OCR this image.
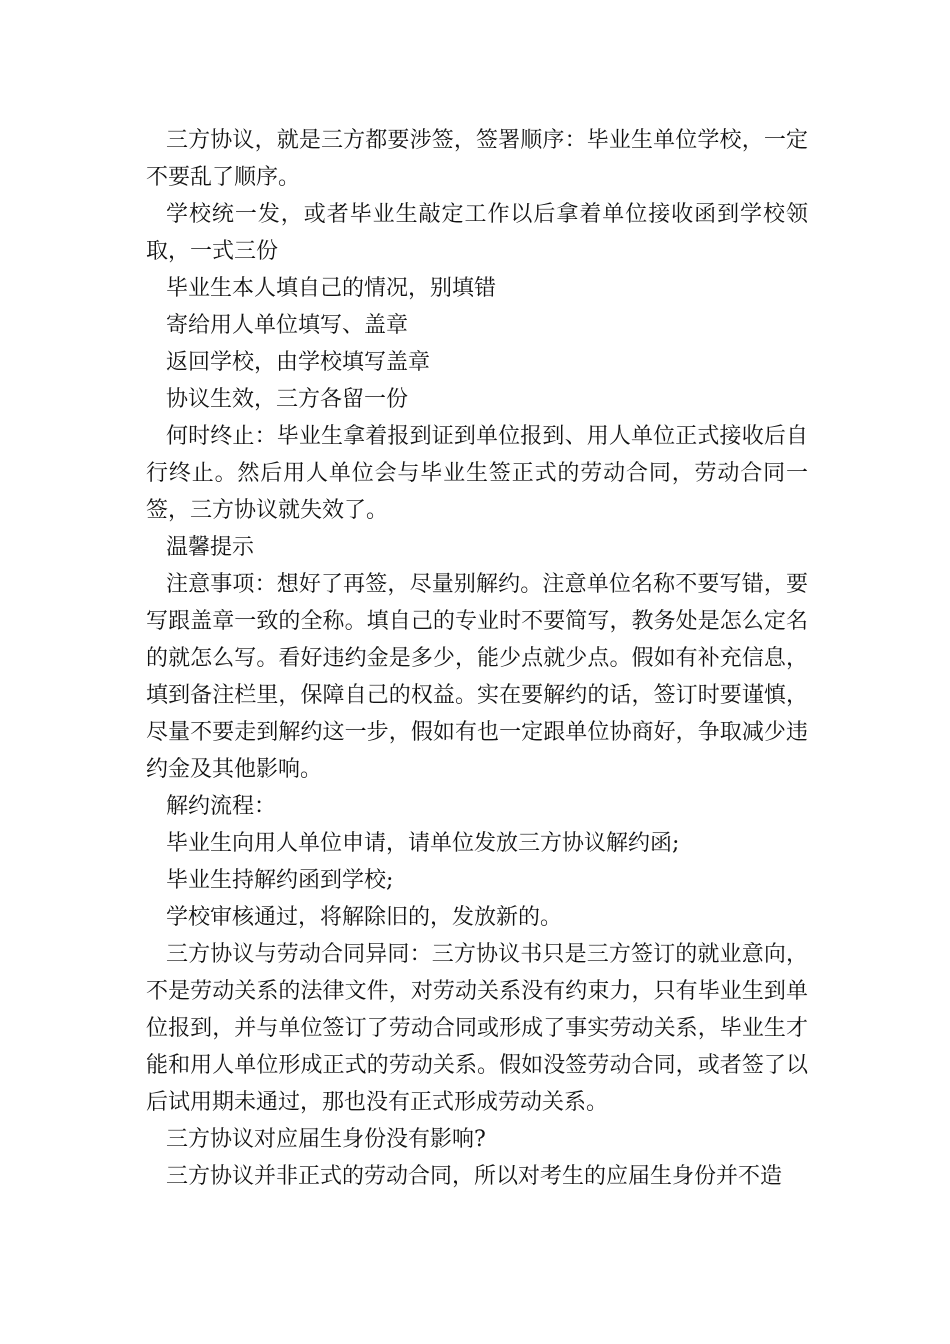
三方协议，就是三方都要涉签，签署顺序：毕业生单位学校，一定不要乱了顺序。

学校统一发，或者毕业生敲定工作以后拿着单位接收函到学校领取，一式三份

毕业生本人填自己的情况，别填错

寄给用人单位填写、盖章

返回学校，由学校填写盖章

协议生效，三方各留一份

何时终止：毕业生拿着报到证到单位报到、用人单位正式接收后自行终止。然后用人单位会与毕业生签正式的劳动合同，劳动合同一签，三方协议就失效了。

温馨提示

注意事项：想好了再签，尽量别解约。注意单位名称不要写错，要写跟盖章一致的全称。填自己的专业时不要简写，教务处是怎么定名的就怎么写。看好违约金是多少，能少点就少点。假如有补充信息，填到备注栏里，保障自己的权益。实在要解约的话，签订时要谨慎，尽量不要走到解约这一步，假如有也一定跟单位协商好，争取减少违约金及其他影响。

解约流程：

毕业生向用人单位申请，请单位发放三方协议解约函;

毕业生持解约函到学校;

学校审核通过，将解除旧的，发放新的。

三方协议与劳动合同异同：三方协议书只是三方签订的就业意向，不是劳动关系的法律文件，对劳动关系没有约束力，只有毕业生到单位报到，并与单位签订了劳动合同或形成了事实劳动关系，毕业生才能和用人单位形成正式的劳动关系。假如没签劳动合同，或者签了以后试用期未通过，那也没有正式形成劳动关系。

三方协议对应届生身份没有影响?

三方协议并非正式的劳动合同，所以对考生的应届生身份并不造
